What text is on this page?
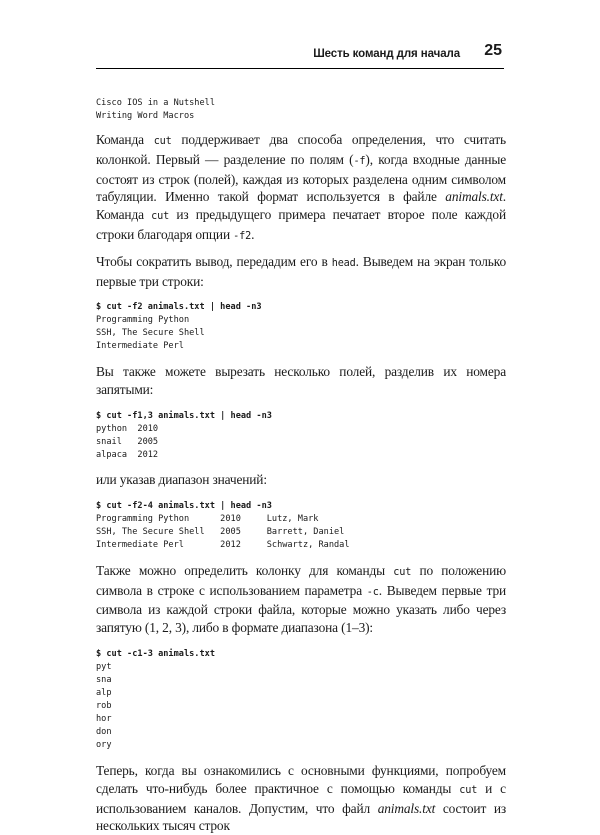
Шесть команд для начала 25
Cisco IOS in a Nutshell
Writing Word Macros

Команда cut поддерживает два способа определения, что считать колонкой. Первый — разделение по полям (-f), когда входные данные состоят из строк (полей), каждая из которых разделена одним символом табуляции. Именно такой формат используется в файле animals.txt. Команда cut из предыдущего примера печатает второе поле каждой строки благодаря опции -f2.

Чтобы сократить вывод, передадим его в head. Выведем на экран только первые три строки:

$ cut -f2 animals.txt | head -n3
Programming Python
SSH, The Secure Shell
Intermediate Perl

Вы также можете вырезать несколько полей, разделив их номера запятыми:

$ cut -f1,3 animals.txt | head -n3
python  2010
snail   2005
alpaca  2012

или указав диапазон значений:

$ cut -f2-4 animals.txt | head -n3
Programming Python      2010     Lutz, Mark
SSH, The Secure Shell   2005     Barrett, Daniel
Intermediate Perl       2012     Schwartz, Randal

Также можно определить колонку для команды cut по положению символа в строке с использованием параметра -c. Выведем первые три символа из каждой строки файла, которые можно указать либо через запятую (1, 2, 3), либо в формате диапазона (1–3):

$ cut -c1-3 animals.txt
pyt
sna
alp
rob
hor
don
ory

Теперь, когда вы ознакомились с основными функциями, попробуем сделать что-нибудь более практичное с помощью команды cut и с использованием каналов. Допустим, что файл animals.txt состоит из нескольких тысяч строк
